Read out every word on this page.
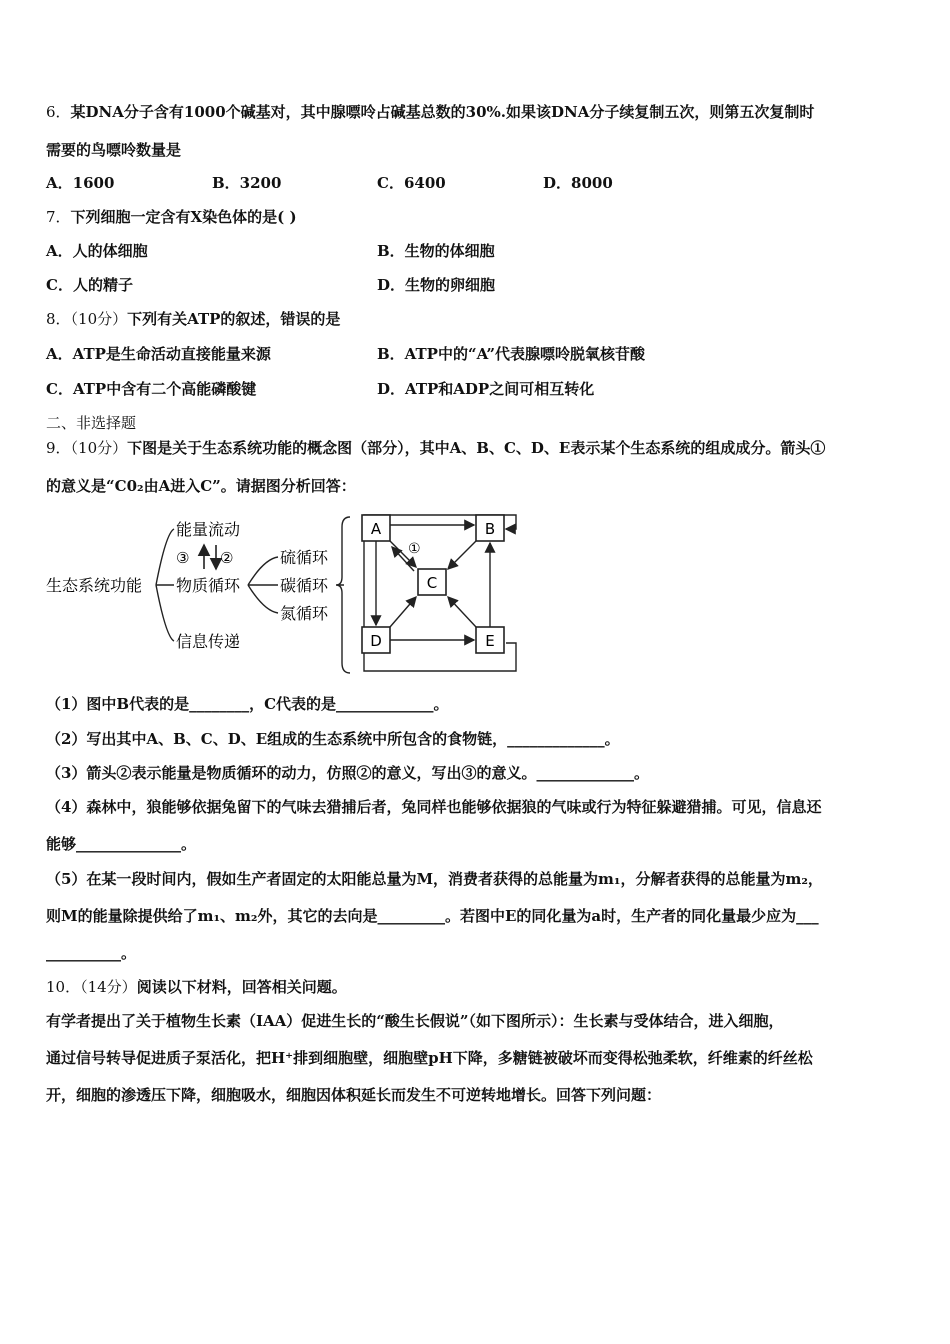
6．某DNA分子含有1000个碱基对，其中腺嘌呤占碱基总数的30%.如果该DNA分子续复制五次，则第五次复制时
需要的鸟嘌呤数量是
A．1600	B．3200	C．6400	D．8000
7．下列细胞一定含有X染色体的是( )
A．人的体细胞	B．生物的体细胞
C．人的精子	D．生物的卵细胞
8．（10分）下列有关ATP的叙述，错误的是
A．ATP是生命活动直接能量来源	B．ATP中的“A”代表腺嘌呤脱氧核苷酸
C．ATP中含有二个高能磷酸键	D．ATP和ADP之间可相互转化
二、非选择题
9．（10分）下图是关于生态系统功能的概念图（部分），其中A、B、C、D、E表示某个生态系统的组成成分。箭头①
的意义是“C0₂由A进入C”。请据图分析回答：
生态系统功能
能量流动
物质循环
信息传递
③ ②	硫循环
碳循环
氮循环
A	B
C
D	E
①
（1）图中B代表的是________，C代表的是_____________。
（2）写出其中A、B、C、D、E组成的生态系统中所包含的食物链，_____________。
（3）箭头②表示能量是物质循环的动力，仿照②的意义，写出③的意义。_____________。
（4）森林中，狼能够依据兔留下的气味去猎捕后者，兔同样也能够依据狼的气味或行为特征躲避猎捕。可见，信息还
能够______________。
（5）在某一段时间内，假如生产者固定的太阳能总量为M，消费者获得的总能量为m₁，分解者获得的总能量为m₂，
则M的能量除提供给了m₁、m₂外，其它的去向是_________。若图中E的同化量为a时，生产者的同化量最少应为___
__________。
10．（14分）阅读以下材料，回答相关问题。
有学者提出了关于植物生长素（IAA）促进生长的“酸生长假说”（如下图所示）：生长素与受体结合，进入细胞，
通过信号转导促进质子泵活化，把H⁺排到细胞壁，细胞壁pH下降，多糖链被破坏而变得松弛柔软，纤维素的纤丝松
开，细胞的渗透压下降，细胞吸水，细胞因体积延长而发生不可逆转地增长。回答下列问题：
